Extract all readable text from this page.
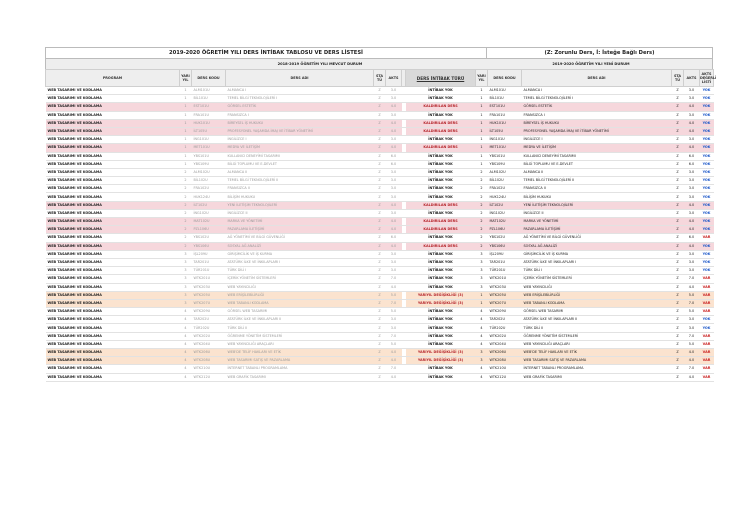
2019-2020 ÖĞRETİM YILI DERS İNTİBAK TABLOSU VE DERS LİSTESİ	(Z: Zorunlu Ders, İ: İsteğe Bağlı Ders)
2018-2019 ÖĞRETİM YILI MEVCUT DURUM	2019-2020 ÖĞRETİM YILI YENİ DURUM
PROGRAM	YARI YIL	DERS KODU	DERS ADI	STA TÜ	AKTS		DERS İNTİBAK TÜRÜ	YARI YIL	DERS KODU	DERS ADI	STA TÜ	AKTS	AKTS DEĞERLİ LİSTİ
WEB TASARIMI VE KODLAMA	1	ALM101U	ALMANCA I	Z	3.0		İNTİBAK YOK	1	ALM101U	ALMANCA I	Z	3.0	YOK
WEB TASARIMI VE KODLAMA	1	BİL101U	TEMEL BİLGİ TEKNOLOJİLERİ I	Z	3.0		İNTİBAK YOK	1	BİL101U	TEMEL BİLGİ TEKNOLOJİLERİ I	Z	3.0	YOK
WEB TASARIMI VE KODLAMA	1	EST101U	GÖRSEL ESTETİK	Z	4.0		KALDIRILAN DERS	1	EST101U	GÖRSEL ESTETİK	Z	4.0	YOK
WEB TASARIMI VE KODLAMA	1	FRA101U	FRANSIZCA I	Z	3.0		İNTİBAK YOK	1	FRA101U	FRANSIZCA I	Z	3.0	YOK
WEB TASARIMI VE KODLAMA	1	HUK101U	BİREYSEL İŞ HUKUKU	Z	4.0		KALDIRILAN DERS	1	HUK101U	BİREYSEL İŞ HUKUKU	Z	4.0	YOK
WEB TASARIMI VE KODLAMA	1	İLT105U	PROFESYONEL YAŞAMDA İMAJ VE İTİBAR YÖNETİMİ	Z	4.0		KALDIRILAN DERS	1	İLT105U	PROFESYONEL YAŞAMDA İMAJ VE İTİBAR YÖNETİMİ	Z	4.0	YOK
WEB TASARIMI VE KODLAMA	1	İNG101U	İNGİLİZCE I	Z	3.0		İNTİBAK YOK	1	İNG101U	İNGİLİZCE I	Z	3.0	YOK
WEB TASARIMI VE KODLAMA	1	MET101U	MEDYA VE İLETİŞİM	Z	4.0		KALDIRILAN DERS	1	MET101U	MEDYA VE İLETİŞİM	Z	4.0	YOK
WEB TASARIMI VE KODLAMA	1	YBS101U	KULLANICI DENEYİMİ TASARIMI	Z	6.0		İNTİBAK YOK	1	YBS101U	KULLANICI DENEYİMİ TASARIMI	Z	6.0	YOK
WEB TASARIMI VE KODLAMA	1	YBS109U	BİLGİ TOPLUMU VE E-DEVLET	Z	6.0		İNTİBAK YOK	1	YBS109U	BİLGİ TOPLUMU VE E-DEVLET	Z	6.0	YOK
WEB TASARIMI VE KODLAMA	2	ALM102U	ALMANCA II	Z	3.0		İNTİBAK YOK	2	ALM102U	ALMANCA II	Z	3.0	YOK
WEB TASARIMI VE KODLAMA	2	BİL102U	TEMEL BİLGİ TEKNOLOJİLERİ II	Z	3.0		İNTİBAK YOK	2	BİL102U	TEMEL BİLGİ TEKNOLOJİLERİ II	Z	3.0	YOK
WEB TASARIMI VE KODLAMA	2	FRA102U	FRANSIZCA II	Z	3.0		İNTİBAK YOK	2	FRA102U	FRANSIZCA II	Z	3.0	YOK
WEB TASARIMI VE KODLAMA	2	HUK124U	BİLİŞİM HUKUKU	Z	3.0		İNTİBAK YOK	2	HUK124U	BİLİŞİM HUKUKU	Z	3.0	YOK
WEB TASARIMI VE KODLAMA	2	İLT102U	YENİ İLETİŞİM TEKNOLOJİLERİ	Z	4.0		KALDIRILAN DERS	2	İLT102U	YENİ İLETİŞİM TEKNOLOJİLERİ	Z	4.0	YOK
WEB TASARIMI VE KODLAMA	2	İNG102U	İNGİLİZCE II	Z	3.0		İNTİBAK YOK	2	İNG102U	İNGİLİZCE II	Z	3.0	YOK
WEB TASARIMI VE KODLAMA	2	MAT102U	MARKA VE YÖNETİMİ	Z	4.0		KALDIRILAN DERS	2	MAT102U	MARKA VE YÖNETİMİ	Z	4.0	YOK
WEB TASARIMI VE KODLAMA	2	PZL106U	PAZARLAMA İLETİŞİMİ	Z	4.0		KALDIRILAN DERS	2	PZL106U	PAZARLAMA İLETİŞİMİ	Z	4.0	YOK
WEB TASARIMI VE KODLAMA	2	YBS102U	AĞ YÖNETİMİ VE BİLGİ GÜVENLİĞİ	Z	6.0		İNTİBAK YOK	2	YBS102U	AĞ YÖNETİMİ VE BİLGİ GÜVENLİĞİ	Z	6.0	VAR
WEB TASARIMI VE KODLAMA	2	YBS106U	SOSYAL AĞ ANALİZİ	Z	4.0		KALDIRILAN DERS	2	YBS106U	SOSYAL AĞ ANALİZİ	Z	4.0	YOK
WEB TASARIMI VE KODLAMA	3	İŞL209U	GİRİŞİMCİLİK VE İŞ KURMA	Z	3.0		İNTİBAK YOK	3	İŞL209U	GİRİŞİMCİLİK VE İŞ KURMA	Z	3.0	YOK
WEB TASARIMI VE KODLAMA	3	TAR201U	ATATÜRK İLKE VE İNKILAPLARI I	Z	3.0		İNTİBAK YOK	3	TAR201U	ATATÜRK İLKE VE İNKILAPLARI I	Z	3.0	YOK
WEB TASARIMI VE KODLAMA	3	TÜR201U	TÜRK DİLİ I	Z	3.0		İNTİBAK YOK	3	TÜR201U	TÜRK DİLİ I	Z	3.0	YOK
WEB TASARIMI VE KODLAMA	3	WTK201U	İÇERİK YÖNETİM SİSTEMLERİ	Z	7.0		İNTİBAK YOK	3	WTK201U	İÇERİK YÖNETİM SİSTEMLERİ	Z	7.0	VAR
WEB TASARIMI VE KODLAMA	3	WTK203U	WEB YAYINCILIĞI	Z	4.0		İNTİBAK YOK	3	WTK203U	WEB YAYINCILIĞI	Z	4.0	VAR
WEB TASARIMI VE KODLAMA	3	WTK205U	WEB ERİŞİLEBİLİRLİĞİ	Z	5.0		YARIYIL DEĞİŞİKLİĞİ (3)	1	WTK205U	WEB ERİŞİLEBİLİRLİĞİ	Z	5.0	VAR
WEB TASARIMI VE KODLAMA	3	WTK207U	WEB TABANLI KODLAMA	Z	7.0		YARIYIL DEĞİŞİKLİĞİ (3)	1	WTK207U	WEB TABANLI KODLAMA	Z	7.0	VAR
WEB TASARIMI VE KODLAMA	4	WTK209U	GÖRSEL WEB TASARIMI	Z	5.0		İNTİBAK YOK	4	WTK209U	GÖRSEL WEB TASARIMI	Z	5.0	VAR
WEB TASARIMI VE KODLAMA	4	TAR202U	ATATÜRK İLKE VE İNKILAPLARI II	Z	3.0		İNTİBAK YOK	4	TAR202U	ATATÜRK İLKE VE İNKILAPLARI II	Z	3.0	YOK
WEB TASARIMI VE KODLAMA	4	TÜR202U	TÜRK DİLİ II	Z	3.0		İNTİBAK YOK	4	TÜR202U	TÜRK DİLİ II	Z	3.0	YOK
WEB TASARIMI VE KODLAMA	4	WTK202U	ÖĞRENME YÖNETİM SİSTEMLERİ	Z	7.0		İNTİBAK YOK	4	WTK202U	ÖĞRENME YÖNETİM SİSTEMLERİ	Z	7.0	VAR
WEB TASARIMI VE KODLAMA	4	WTK204U	WEB YAYINCILIĞI ARAÇLARI	Z	5.0		İNTİBAK YOK	4	WTK204U	WEB YAYINCILIĞI ARAÇLARI	Z	5.0	VAR
WEB TASARIMI VE KODLAMA	4	WTK206U	WEB'DE TELİF HAKLARI VE ETİK	Z	4.0		YARIYIL DEĞİŞİKLİĞİ (3)	3	WTK206U	WEB'DE TELİF HAKLARI VE ETİK	Z	4.0	VAR
WEB TASARIMI VE KODLAMA	4	WTK208U	WEB TASARIMI SATIŞ VE PAZARLAMA	Z	4.0		YARIYIL DEĞİŞİKLİĞİ (3)	3	WTK208U	WEB TASARIMI SATIŞ VE PAZARLAMA	Z	4.0	VAR
WEB TASARIMI VE KODLAMA	4	WTK210U	İNTERNET TABANLI PROGRAMLAMA	Z	7.0		İNTİBAK YOK	4	WTK210U	İNTERNET TABANLI PROGRAMLAMA	Z	7.0	VAR
WEB TASARIMI VE KODLAMA	4	WTK212U	WEB GRAFİK TASARIMI	Z	4.0		İNTİBAK YOK	4	WTK212U	WEB GRAFİK TASARIMI	Z	4.0	VAR
